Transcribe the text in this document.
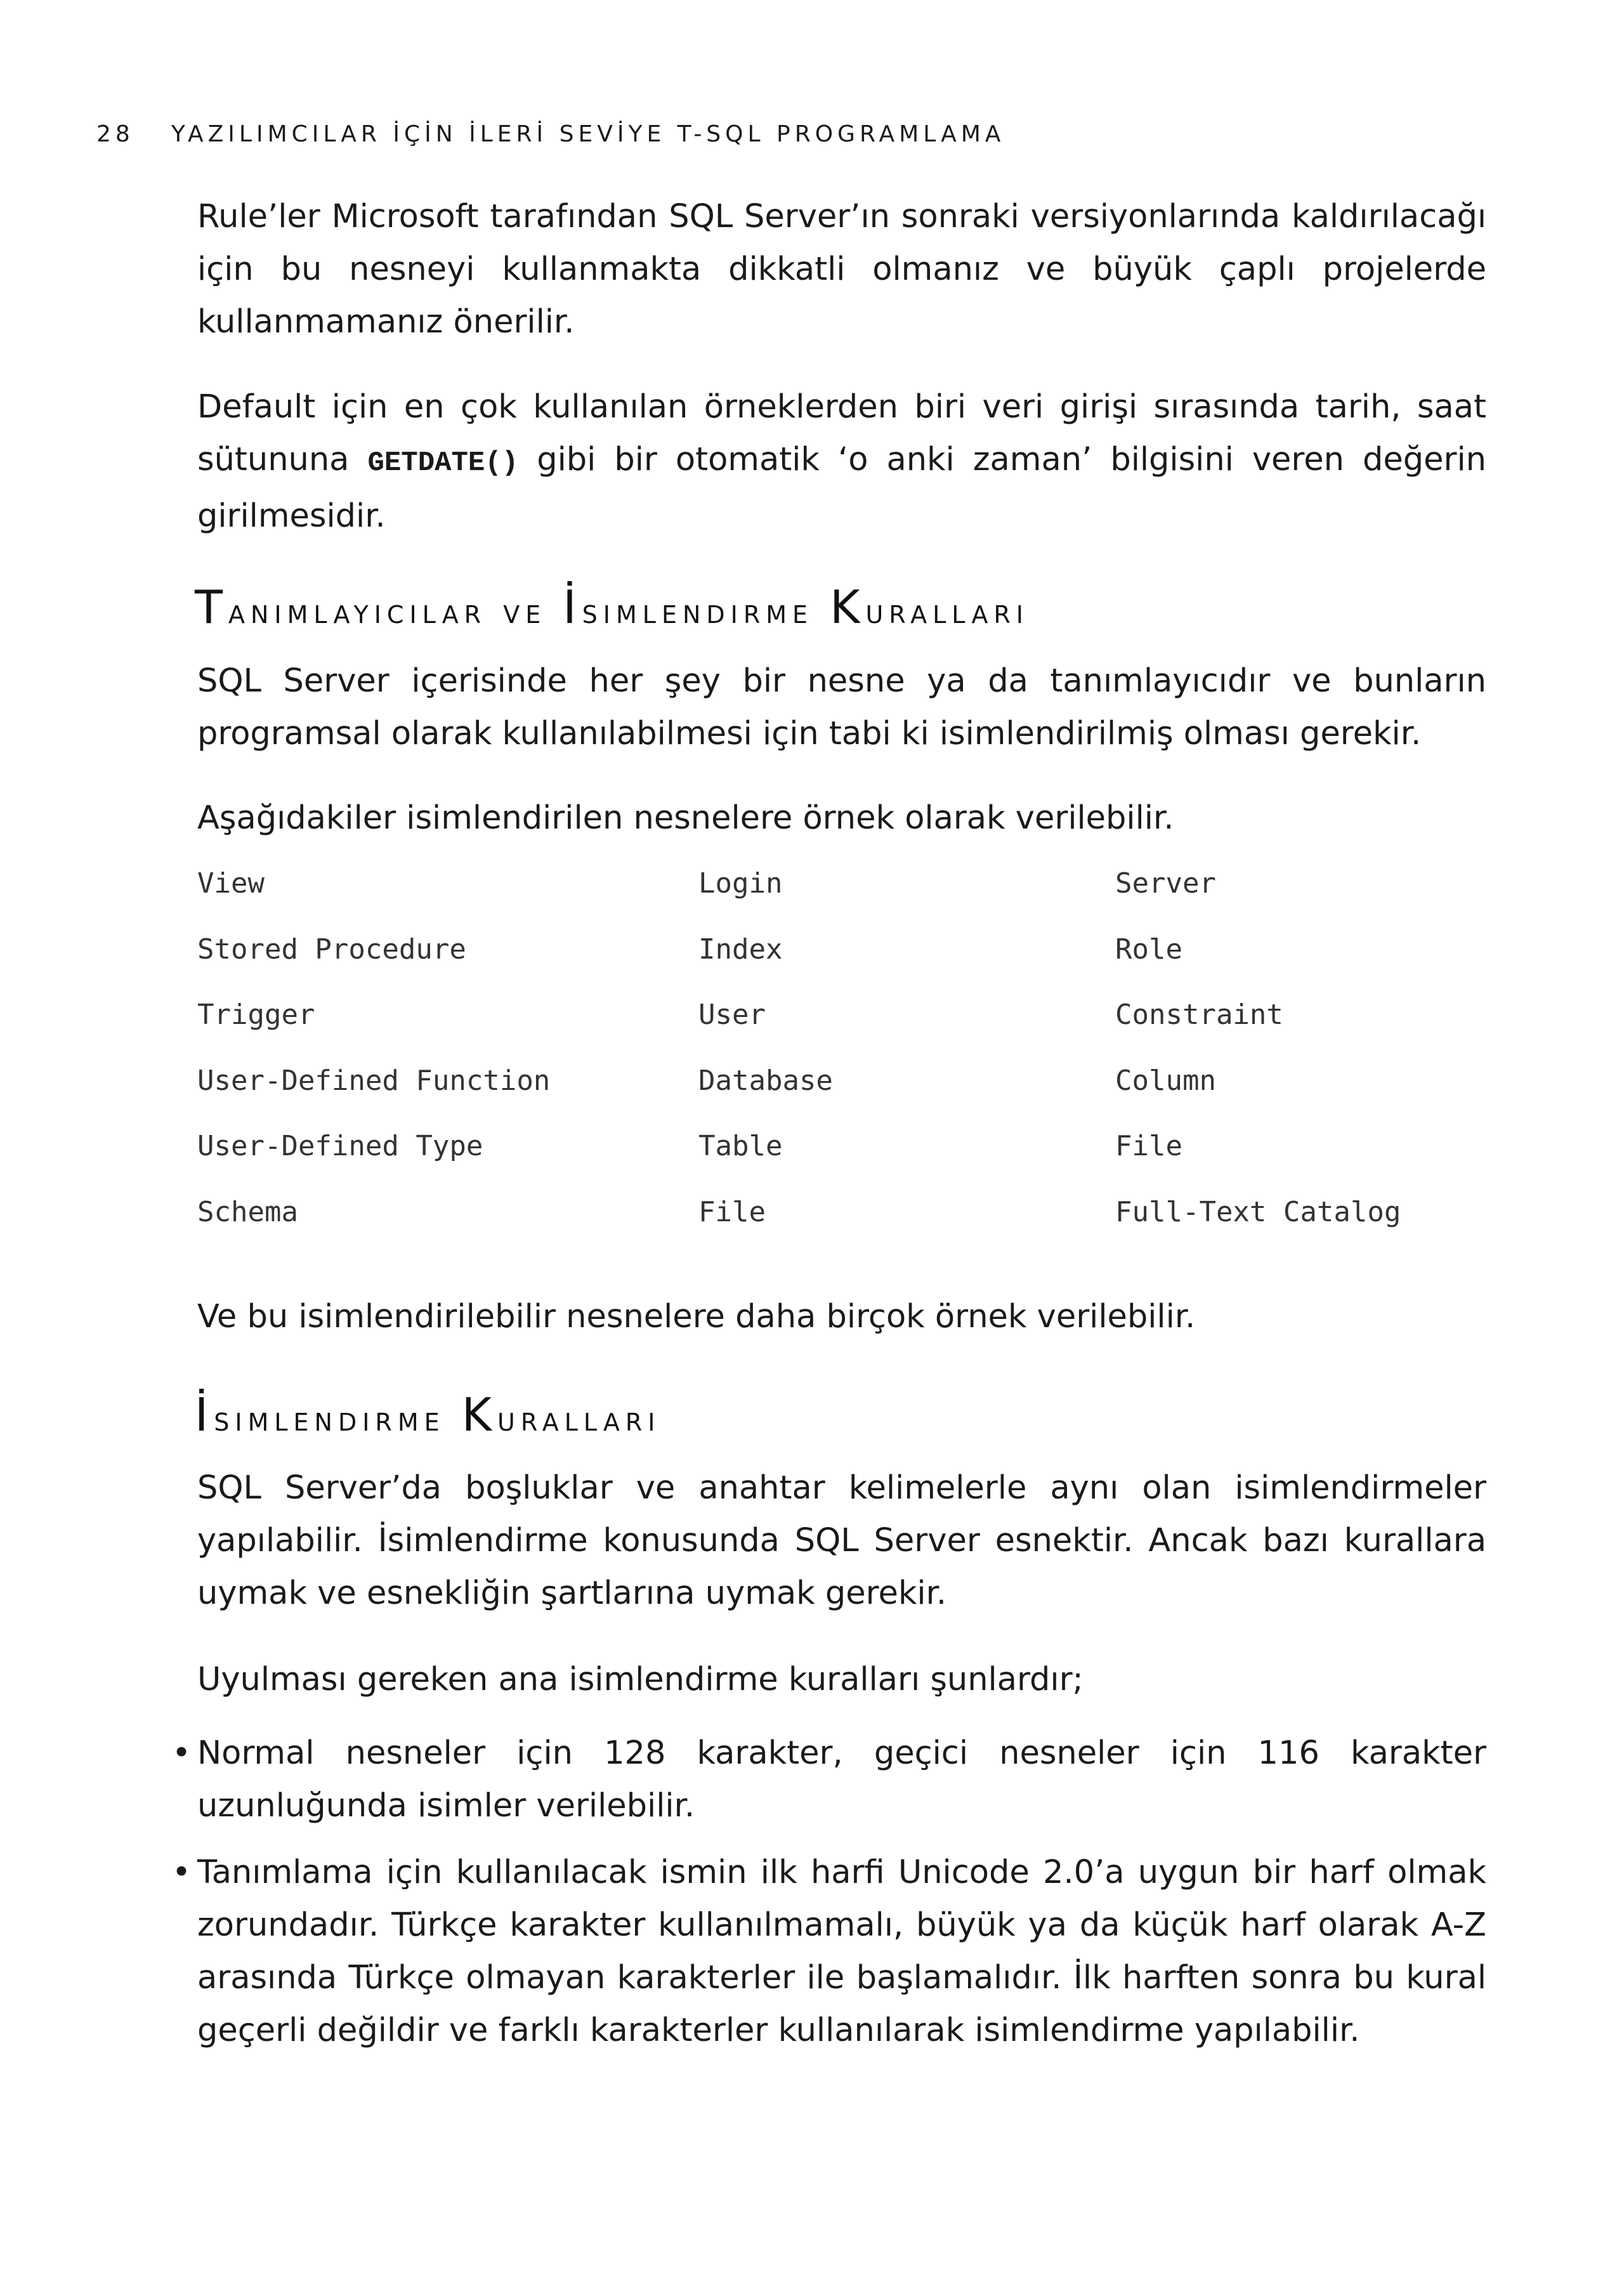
28 YAZILIMCILAR İÇİN İLERİ SEVİYE T-SQL PROGRAMLAMA

Rule’ler Microsoft tarafından SQL Server’ın sonraki versiyonlarında kaldırılacağı için bu nesneyi kullanmakta dikkatli olmanız ve büyük çaplı projelerde kullanmamanız önerilir.

Default için en çok kullanılan örneklerden biri veri girişi sırasında tarih, saat sütununa GETDATE() gibi bir otomatik ‘o anki zaman’ bilgisini veren değerin girilmesidir.

Tanımlayıcılar ve İsimlendirme Kuralları

SQL Server içerisinde her şey bir nesne ya da tanımlayıcıdır ve bunların programsal olarak kullanılabilmesi için tabi ki isimlendirilmiş olması gerekir.

Aşağıdakiler isimlendirilen nesnelere örnek olarak verilebilir.

View	Login	Server
Stored Procedure	Index	Role
Trigger	User	Constraint
User-Defined Function	Database	Column
User-Defined Type	Table	File
Schema	File	Full-Text Catalog

Ve bu isimlendirilebilir nesnelere daha birçok örnek verilebilir.

İsimlendirme Kuralları

SQL Server’da boşluklar ve anahtar kelimelerle aynı olan isimlendirmeler yapılabilir. İsimlendirme konusunda SQL Server esnektir. Ancak bazı kurallara uymak ve esnekliğin şartlarına uymak gerekir.

Uyulması gereken ana isimlendirme kuralları şunlardır;

• Normal nesneler için 128 karakter, geçici nesneler için 116 karakter uzunluğunda isimler verilebilir.

• Tanımlama için kullanılacak ismin ilk harfi Unicode 2.0’a uygun bir harf olmak zorundadır. Türkçe karakter kullanılmamalı, büyük ya da küçük harf olarak A-Z arasında Türkçe olmayan karakterler ile başlamalıdır. İlk harften sonra bu kural geçerli değildir ve farklı karakterler kullanılarak isimlendirme yapılabilir.
